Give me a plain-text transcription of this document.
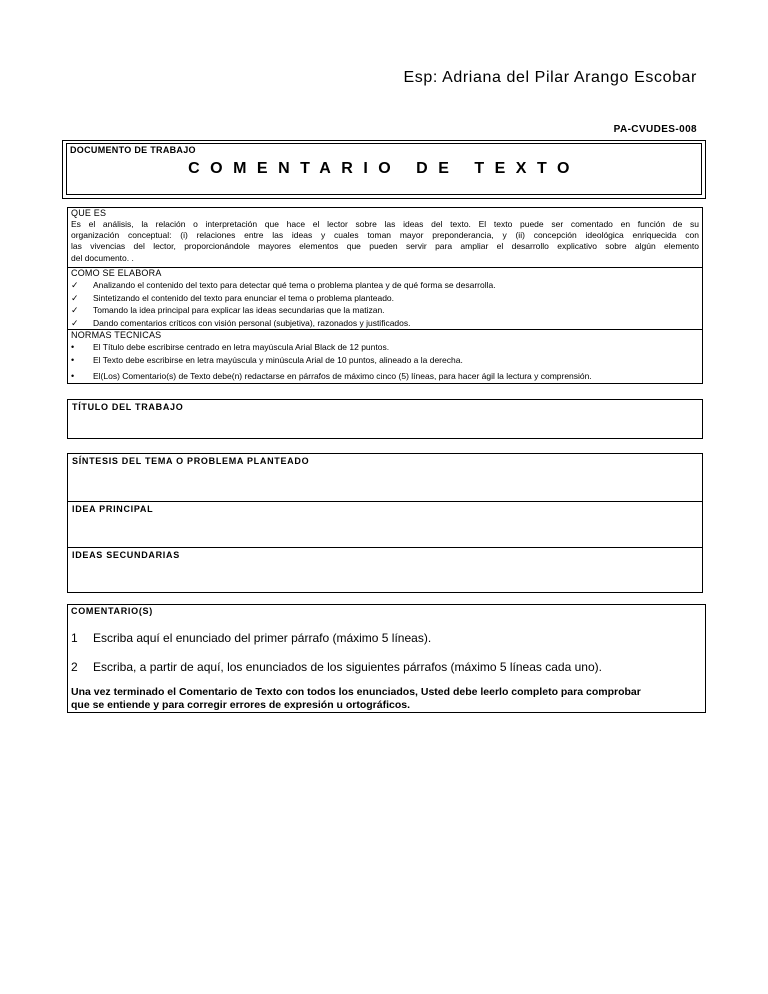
Esp: Adriana del Pilar Arango Escobar
PA-CVUDES-008
DOCUMENTO DE TRABAJO
COMENTARIO DE TEXTO
QUE ES

Es el análisis, la relación o interpretación que hace el lector sobre las ideas del texto. El texto puede ser comentado en función de su

organización conceptual: (i) relaciones entre las ideas y cuales toman mayor preponderancia, y (ii) concepción ideológica enriquecida con

las vivencias del lector, proporcionándole mayores elementos que pueden servir para ampliar el desarrollo explicativo sobre algún elemento

del documento. .

COMO SE ELABORA
✓	Analizando el contenido del texto para detectar qué tema o problema plantea y de qué forma se desarrolla.
✓	Sintetizando el contenido del texto para enunciar el tema o problema planteado.
✓	Tomando la idea principal para explicar las ideas secundarias que la matizan.
✓	Dando comentarios críticos con visión personal (subjetiva), razonados y justificados.
NORMAS TECNICAS
•	El Título debe escribirse centrado en letra mayúscula Arial Black de 12 puntos.
•	El Texto debe escribirse en letra mayúscula y minúscula Arial de 10 puntos, alineado a la derecha.
•	El(Los) Comentario(s) de Texto debe(n) redactarse en párrafos de máximo cinco (5) líneas, para hacer ágil la lectura y comprensión.
TÍTULO DEL TRABAJO
SÍNTESIS DEL TEMA O PROBLEMA PLANTEADO
IDEA PRINCIPAL
IDEAS SECUNDARIAS
COMENTARIO(S)
1 Escriba aquí el enunciado del primer párrafo (máximo 5 líneas).
2 Escriba, a partir de aquí, los enunciados de los siguientes párrafos (máximo 5 líneas cada uno).
Una vez terminado el Comentario de Texto con todos los enunciados, Usted debe leerlo completo para comprobar
que se entiende y para corregir errores de expresión u ortográficos.
